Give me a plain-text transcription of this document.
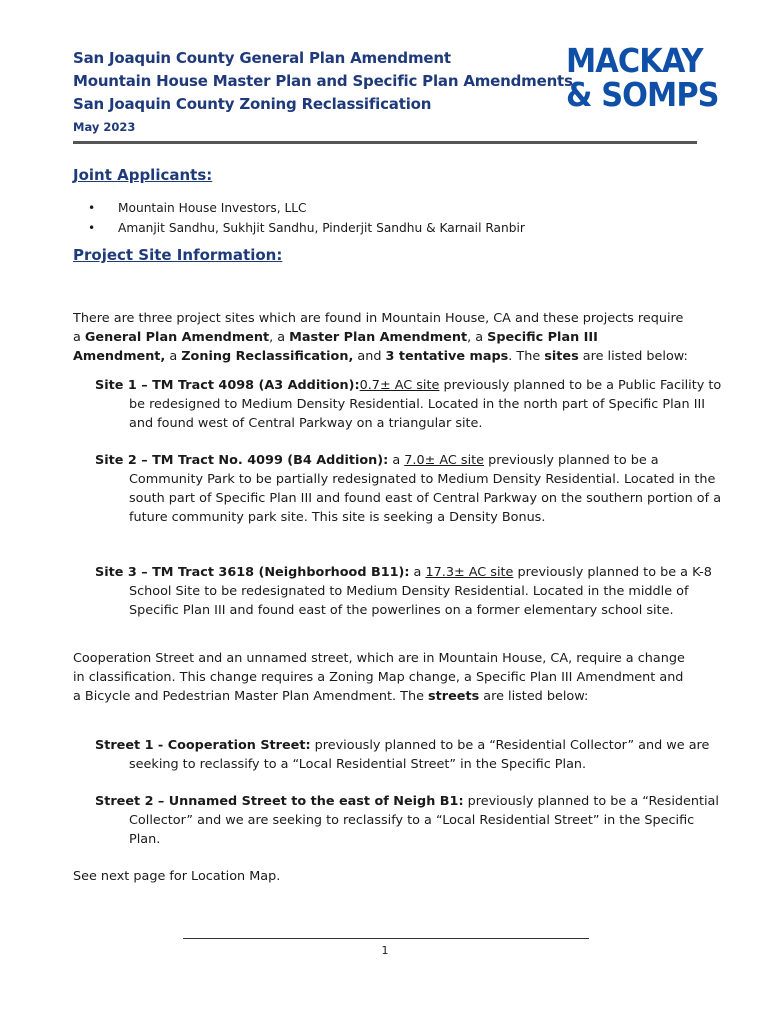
San Joaquin County General Plan Amendment
Mountain House Master Plan and Specific Plan Amendments
San Joaquin County Zoning Reclassification
May 2023
MACKAY
& SOMPS
Joint Applicants:
• Mountain House Investors, LLC
• Amanjit Sandhu, Sukhjit Sandhu, Pinderjit Sandhu & Karnail Ranbir
Project Site Information:
There are three project sites which are found in Mountain House, CA and these projects require a General Plan Amendment, a Master Plan Amendment, a Specific Plan III Amendment, a Zoning Reclassification, and 3 tentative maps. The sites are listed below:
Site 1 – TM Tract 4098 (A3 Addition):0.7± AC site previously planned to be a Public Facility to be redesigned to Medium Density Residential. Located in the north part of Specific Plan III and found west of Central Parkway on a triangular site.
Site 2 – TM Tract No. 4099 (B4 Addition): a 7.0± AC site previously planned to be a Community Park to be partially redesignated to Medium Density Residential. Located in the south part of Specific Plan III and found east of Central Parkway on the southern portion of a future community park site. This site is seeking a Density Bonus.
Site 3 – TM Tract 3618 (Neighborhood B11): a 17.3± AC site previously planned to be a K-8 School Site to be redesignated to Medium Density Residential. Located in the middle of Specific Plan III and found east of the powerlines on a former elementary school site.
Cooperation Street and an unnamed street, which are in Mountain House, CA, require a change in classification. This change requires a Zoning Map change, a Specific Plan III Amendment and a Bicycle and Pedestrian Master Plan Amendment. The streets are listed below:
Street 1 - Cooperation Street: previously planned to be a “Residential Collector” and we are seeking to reclassify to a “Local Residential Street” in the Specific Plan.
Street 2 – Unnamed Street to the east of Neigh B1: previously planned to be a “Residential Collector” and we are seeking to reclassify to a “Local Residential Street” in the Specific Plan.
See next page for Location Map.
1
